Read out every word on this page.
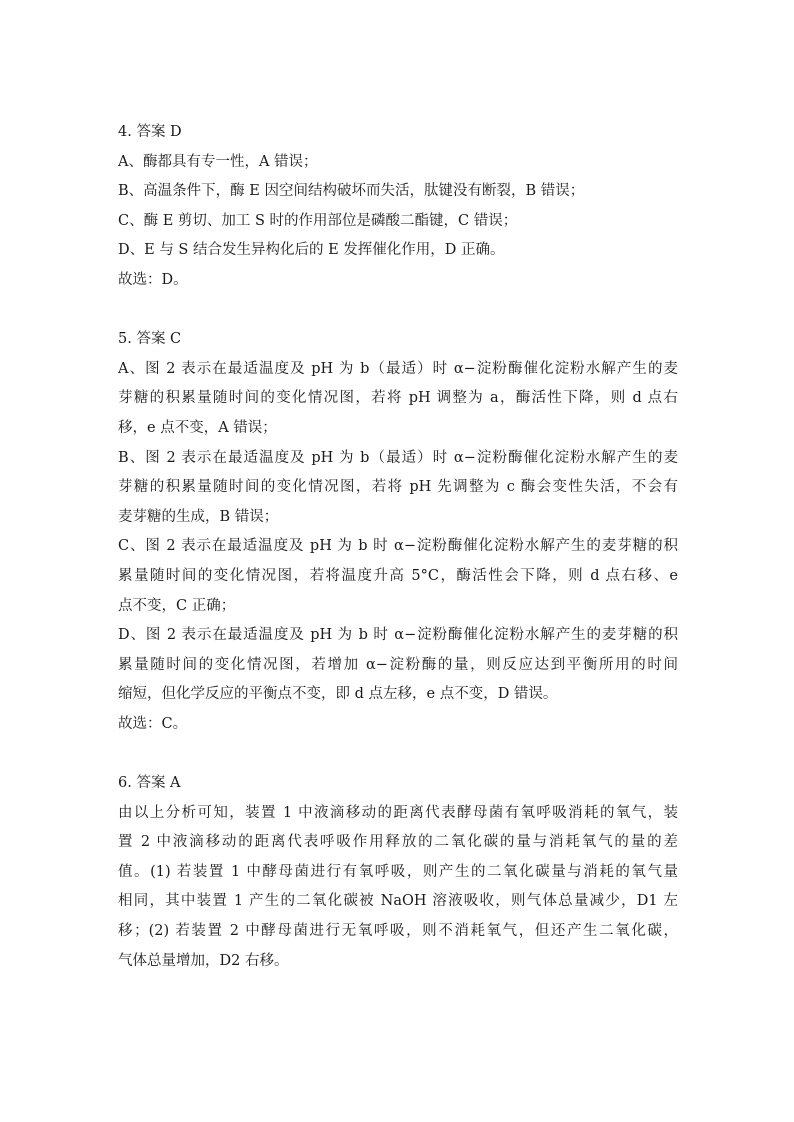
4. 答案 D

A、酶都具有专一性，A 错误；

B、高温条件下，酶 E 因空间结构破坏而失活，肽键没有断裂，B 错误；

C、酶 E 剪切、加工 S 时的作用部位是磷酸二酯键，C 错误；

D、E 与 S 结合发生异构化后的 E 发挥催化作用，D 正确。

故选：D。

5. 答案 C

A、图 2 表示在最适温度及 pH 为 b（最适）时 α−淀粉酶催化淀粉水解产生的麦

芽糖的积累量随时间的变化情况图，若将 pH 调整为 a，酶活性下降，则 d 点右

移，e 点不变，A 错误；

B、图 2 表示在最适温度及 pH 为 b（最适）时 α−淀粉酶催化淀粉水解产生的麦

芽糖的积累量随时间的变化情况图，若将 pH 先调整为 c 酶会变性失活，不会有

麦芽糖的生成，B 错误；

C、图 2 表示在最适温度及 pH 为 b 时 α−淀粉酶催化淀粉水解产生的麦芽糖的积

累量随时间的变化情况图，若将温度升高 5°C，酶活性会下降，则 d 点右移、e

点不变，C 正确；

D、图 2 表示在最适温度及 pH 为 b 时 α−淀粉酶催化淀粉水解产生的麦芽糖的积

累量随时间的变化情况图，若增加 α−淀粉酶的量，则反应达到平衡所用的时间

缩短，但化学反应的平衡点不变，即 d 点左移，e 点不变，D 错误。

故选：C。

6. 答案 A

由以上分析可知，装置 1 中液滴移动的距离代表酵母菌有氧呼吸消耗的氧气，装

置 2 中液滴移动的距离代表呼吸作用释放的二氧化碳的量与消耗氧气的量的差

值。(1) 若装置 1 中酵母菌进行有氧呼吸，则产生的二氧化碳量与消耗的氧气量

相同，其中装置 1 产生的二氧化碳被 NaOH 溶液吸收，则气体总量减少，D1 左

移；(2) 若装置 2 中酵母菌进行无氧呼吸，则不消耗氧气，但还产生二氧化碳，

气体总量增加，D2 右移。
